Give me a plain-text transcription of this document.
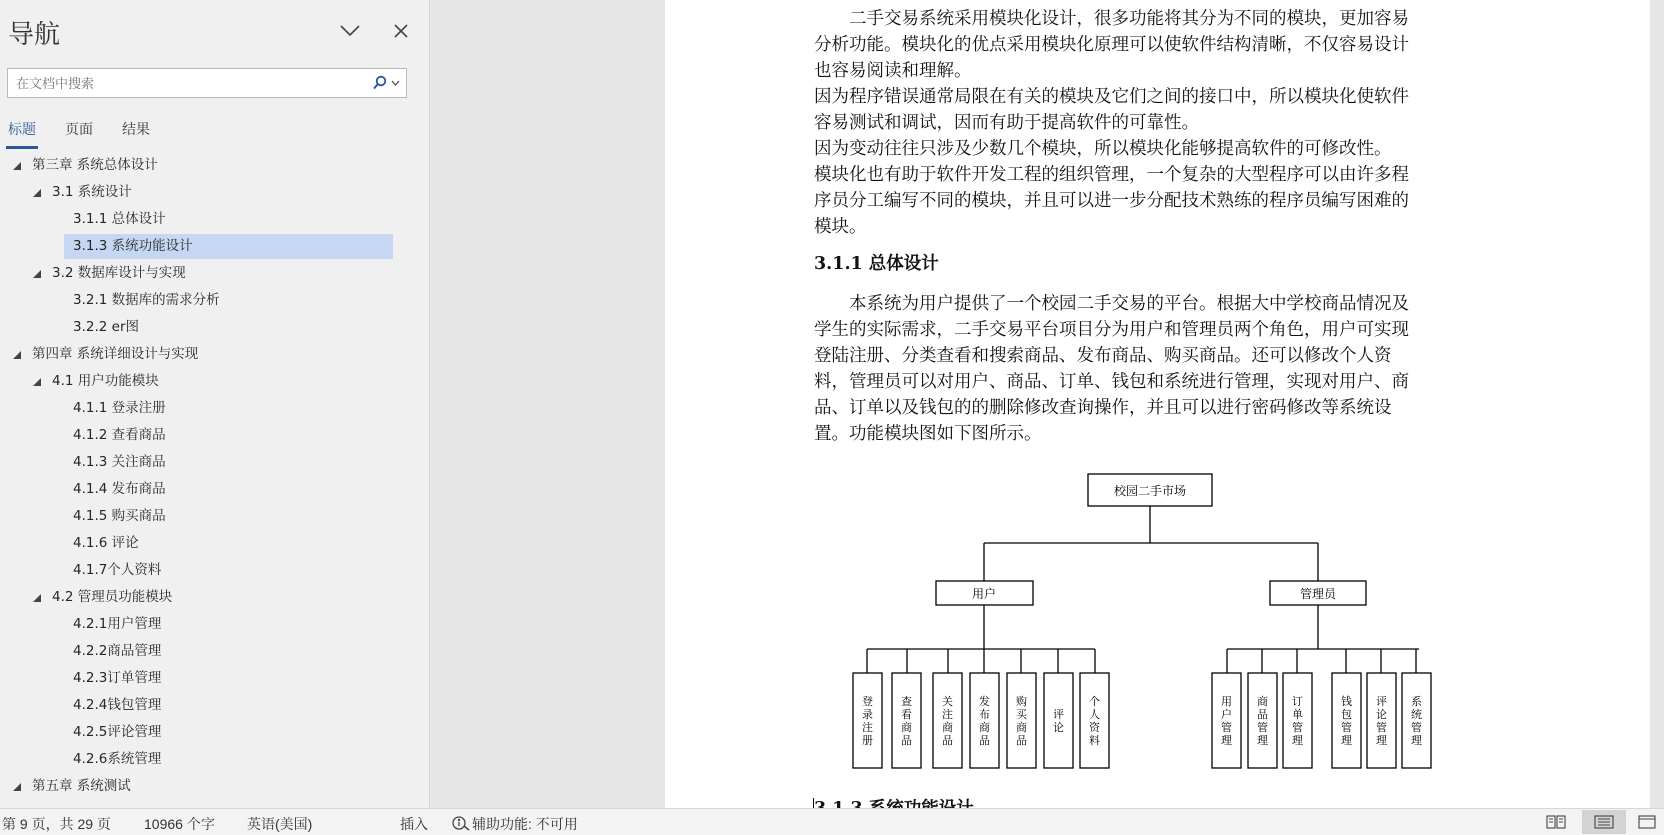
导航
在文档中搜索
标题 页面 结果
第三章 系统总体设计
3.1 系统设计
3.1.1 总体设计
3.1.3 系统功能设计
3.2 数据库设计与实现
3.2.1 数据库的需求分析
3.2.2 er图
第四章 系统详细设计与实现
4.1 用户功能模块
4.1.1 登录注册
4.1.2 查看商品
4.1.3 关注商品
4.1.4 发布商品
4.1.5 购买商品
4.1.6 评论
4.1.7个人资料
4.2 管理员功能模块
4.2.1用户管理
4.2.2商品管理
4.2.3订单管理
4.2.4钱包管理
4.2.5评论管理
4.2.6系统管理
第五章 系统测试
3.1.1 总体设计
校园二手市场
用户	管理员
登录注册
查看商品
关注商品
发布商品
购买商品
评论
个人资料
用户管理
商品管理
订单管理
钱包管理
评论管理
系统管理
　　二手交易系统采用模块化设计，很多功能将其分为不同的模块，更加容易
分析功能。模块化的优点采用模块化原理可以使软件结构清晰，不仅容易设计
也容易阅读和理解。
因为程序错误通常局限在有关的模块及它们之间的接口中，所以模块化使软件
容易测试和调试，因而有助于提高软件的可靠性。
因为变动往往只涉及少数几个模块，所以模块化能够提高软件的可修改性。
模块化也有助于软件开发工程的组织管理，一个复杂的大型程序可以由许多程
序员分工编写不同的模块，并且可以进一步分配技术熟练的程序员编写困难的
模块。
　　本系统为用户提供了一个校园二手交易的平台。根据大中学校商品情况及
学生的实际需求，二手交易平台项目分为用户和管理员两个角色，用户可实现
登陆注册、分类查看和搜索商品、发布商品、购买商品。还可以修改个人资
料，管理员可以对用户、商品、订单、钱包和系统进行管理，实现对用户、商
品、订单以及钱包的的删除修改查询操作，并且可以进行密码修改等系统设
置。功能模块图如下图所示。
第 9 页，共 29 页 10966 个字 英语(美国)	插入	辅助功能: 不可用
